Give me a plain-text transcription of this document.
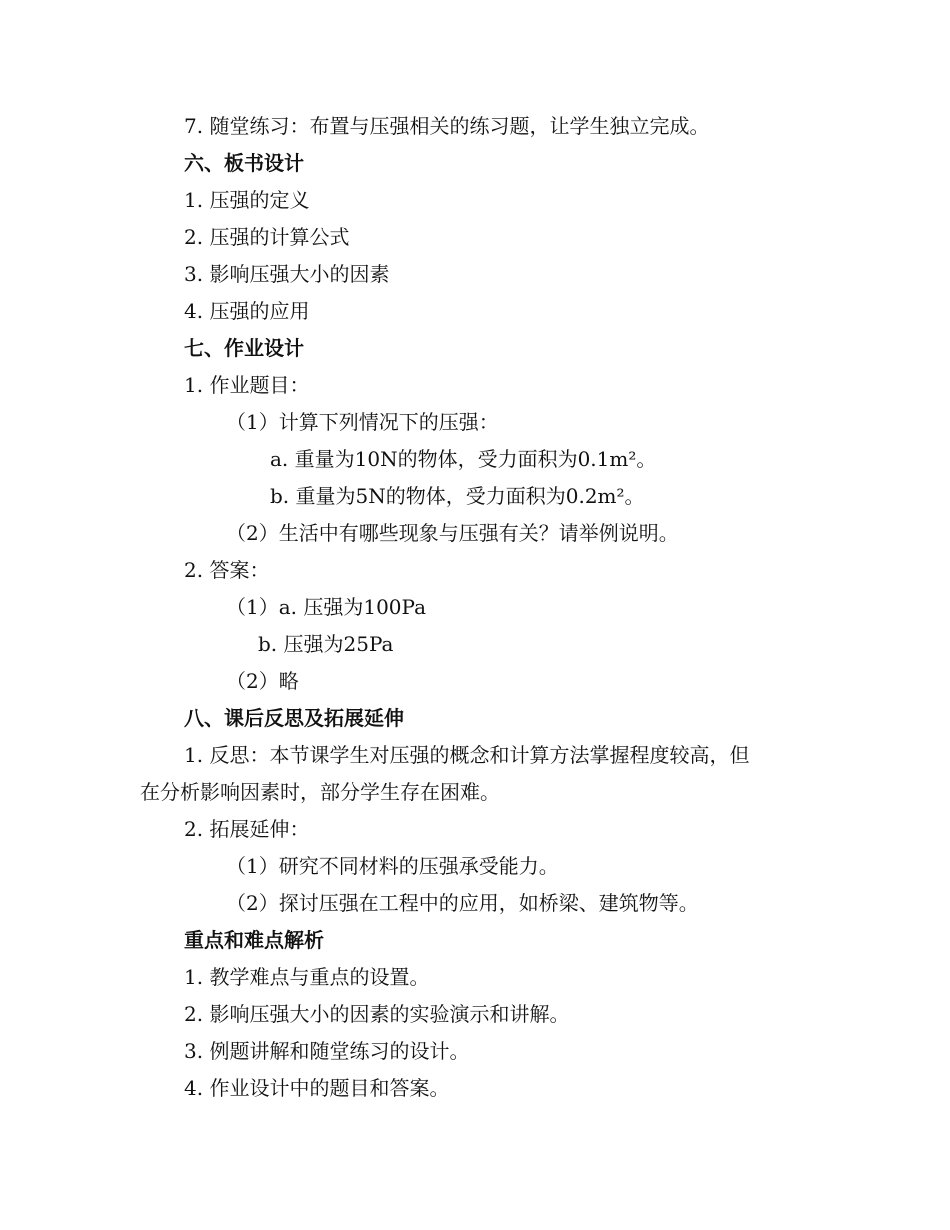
7. 随堂练习：布置与压强相关的练习题，让学生独立完成。
六、板书设计
1. 压强的定义
2. 压强的计算公式
3. 影响压强大小的因素
4. 压强的应用
七、作业设计
1. 作业题目：
（1）计算下列情况下的压强：
a. 重量为10N的物体，受力面积为0.1m²。
b. 重量为5N的物体，受力面积为0.2m²。
（2）生活中有哪些现象与压强有关？请举例说明。
2. 答案：
（1）a. 压强为100Pa
b. 压强为25Pa
（2）略
八、课后反思及拓展延伸
1. 反思：本节课学生对压强的概念和计算方法掌握程度较高，但
在分析影响因素时，部分学生存在困难。
2. 拓展延伸：
（1）研究不同材料的压强承受能力。
（2）探讨压强在工程中的应用，如桥梁、建筑物等。
重点和难点解析
1. 教学难点与重点的设置。
2. 影响压强大小的因素的实验演示和讲解。
3. 例题讲解和随堂练习的设计。
4. 作业设计中的题目和答案。
